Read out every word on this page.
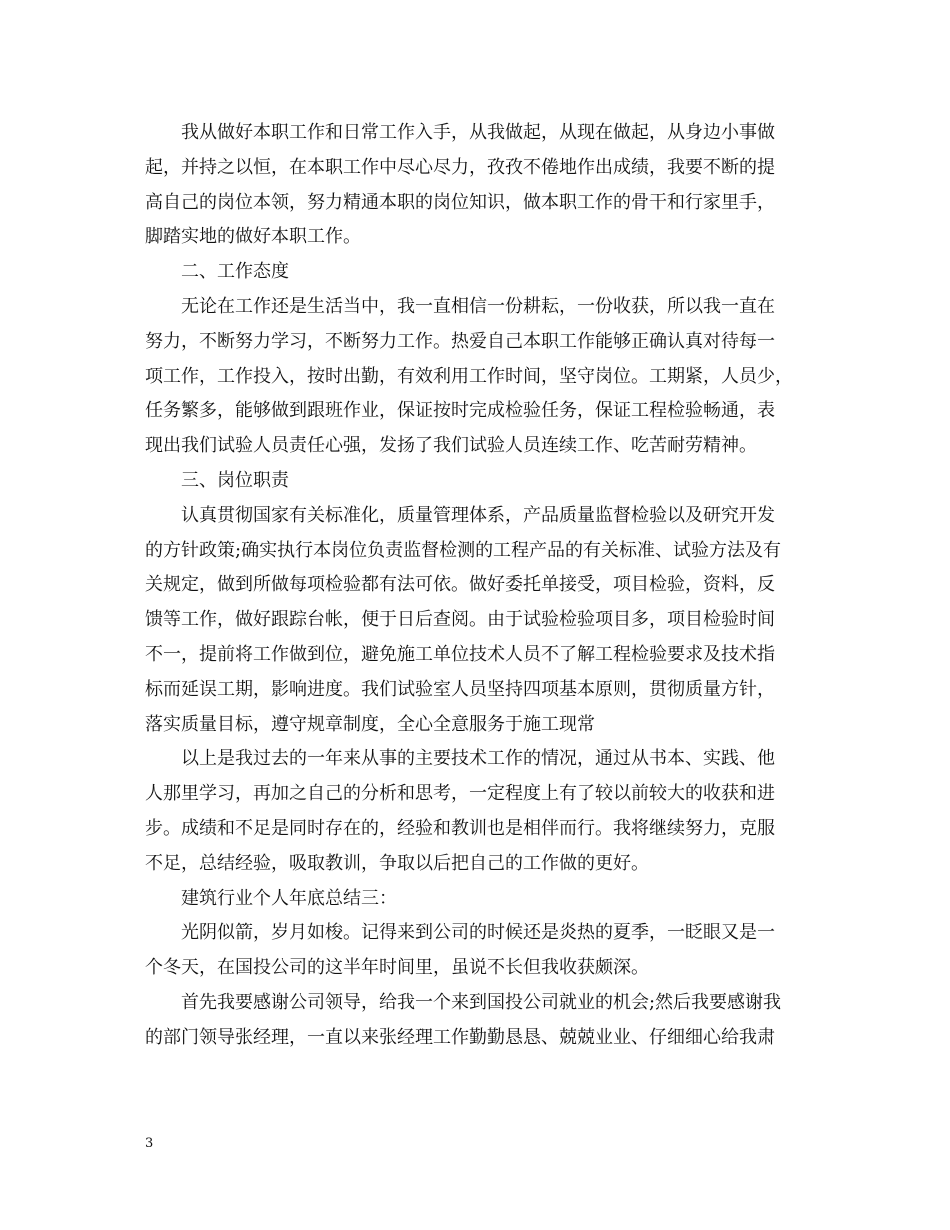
我从做好本职工作和日常工作入手，从我做起，从现在做起，从身边小事做
起，并持之以恒，在本职工作中尽心尽力，孜孜不倦地作出成绩，我要不断的提
高自己的岗位本领，努力精通本职的岗位知识，做本职工作的骨干和行家里手，
脚踏实地的做好本职工作。
二、工作态度
无论在工作还是生活当中，我一直相信一份耕耘，一份收获，所以我一直在
努力，不断努力学习，不断努力工作。热爱自己本职工作能够正确认真对待每一
项工作，工作投入，按时出勤，有效利用工作时间，坚守岗位。工期紧，人员少，
任务繁多，能够做到跟班作业，保证按时完成检验任务，保证工程检验畅通，表
现出我们试验人员责任心强，发扬了我们试验人员连续工作、吃苦耐劳精神。
三、岗位职责
认真贯彻国家有关标准化，质量管理体系，产品质量监督检验以及研究开发
的方针政策;确实执行本岗位负责监督检测的工程产品的有关标准、试验方法及有
关规定，做到所做每项检验都有法可依。做好委托单接受，项目检验，资料，反
馈等工作，做好跟踪台帐，便于日后查阅。由于试验检验项目多，项目检验时间
不一，提前将工作做到位，避免施工单位技术人员不了解工程检验要求及技术指
标而延误工期，影响进度。我们试验室人员坚持四项基本原则，贯彻质量方针，
落实质量目标，遵守规章制度，全心全意服务于施工现常
以上是我过去的一年来从事的主要技术工作的情况，通过从书本、实践、他
人那里学习，再加之自己的分析和思考，一定程度上有了较以前较大的收获和进
步。成绩和不足是同时存在的，经验和教训也是相伴而行。我将继续努力，克服
不足，总结经验，吸取教训，争取以后把自己的工作做的更好。
建筑行业个人年底总结三：
光阴似箭，岁月如梭。记得来到公司的时候还是炎热的夏季，一眨眼又是一
个冬天，在国投公司的这半年时间里，虽说不长但我收获颇深。
首先我要感谢公司领导，给我一个来到国投公司就业的机会;然后我要感谢我
的部门领导张经理，一直以来张经理工作勤勤恳恳、兢兢业业、仔细细心给我肃
3
